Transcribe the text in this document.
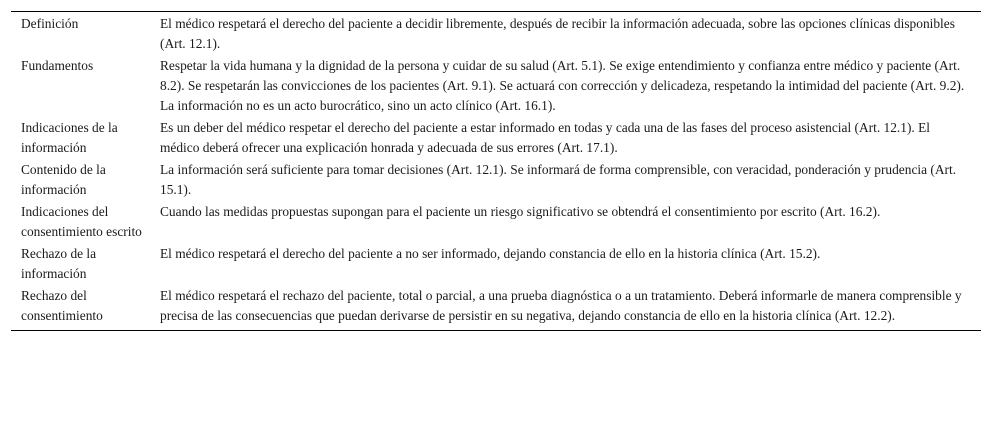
Definición	El médico respetará el derecho del paciente a decidir libremente, después de recibir la información adecuada, sobre las opciones clínicas disponibles (Art. 12.1).
Fundamentos	Respetar la vida humana y la dignidad de la persona y cuidar de su salud (Art. 5.1). Se exige entendimiento y confianza entre médico y paciente (Art. 8.2). Se respetarán las convicciones de los pacientes (Art. 9.1). Se actuará con corrección y delicadeza, respetando la intimidad del paciente (Art. 9.2). La información no es un acto burocrático, sino un acto clínico (Art. 16.1).
Indicaciones de la información	Es un deber del médico respetar el derecho del paciente a estar informado en todas y cada una de las fases del proceso asistencial (Art. 12.1). El médico deberá ofrecer una explicación honrada y adecuada de sus errores (Art. 17.1).
Contenido de la información	La información será suficiente para tomar decisiones (Art. 12.1). Se informará de forma comprensible, con veracidad, ponderación y prudencia (Art. 15.1).
Indicaciones del consentimiento escrito	Cuando las medidas propuestas supongan para el paciente un riesgo significativo se obtendrá el consentimiento por escrito (Art. 16.2).
Rechazo de la información	El médico respetará el derecho del paciente a no ser informado, dejando constancia de ello en la historia clínica (Art. 15.2).
Rechazo del consentimiento	El médico respetará el rechazo del paciente, total o parcial, a una prueba diagnóstica o a un tratamiento. Deberá informarle de manera comprensible y precisa de las consecuencias que puedan derivarse de persistir en su negativa, dejando constancia de ello en la historia clínica (Art. 12.2).
